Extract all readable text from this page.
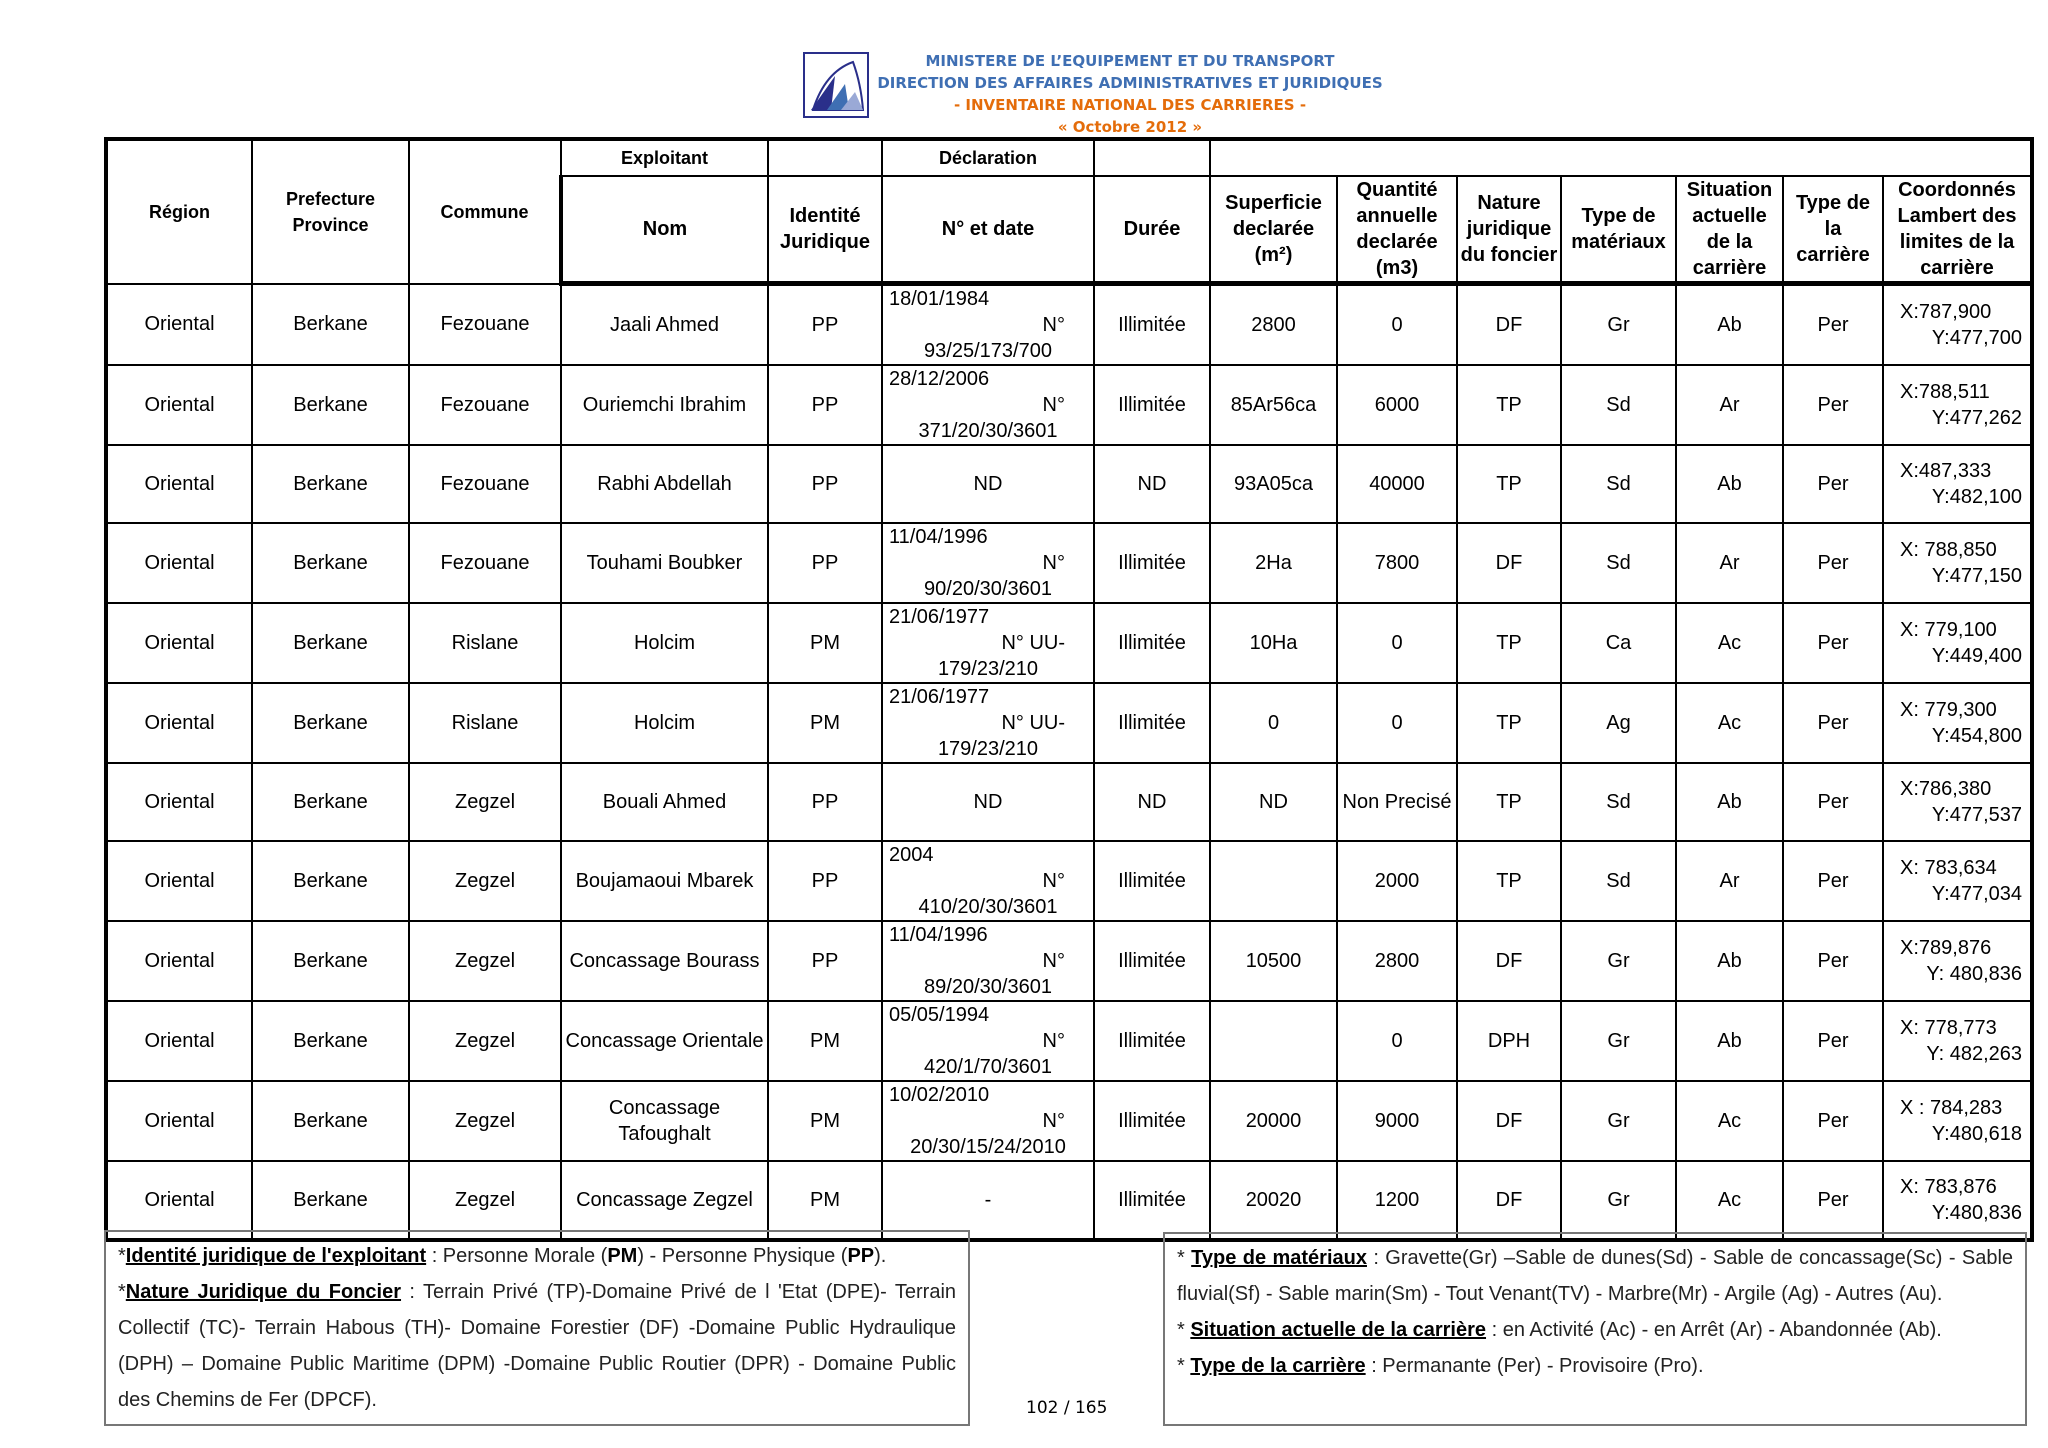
MINISTERE DE L’EQUIPEMENT ET DU TRANSPORT
DIRECTION DES AFFAIRES ADMINISTRATIVES ET JURIDIQUES
- INVENTAIRE NATIONAL DES CARRIERES -
« Octobre 2012 »
Région	Prefecture Province	Commune	Exploitant		Déclaration								
			Nom	Identité Juridique	N° et date	Durée	Superficie declarée (m²)	Quantité annuelle declarée (m3)	Nature juridique du foncier	Type de matériaux	Situation actuelle de la carrière	Type de la carrière	Coordonnés Lambert des limites de la carrière
Oriental	Berkane	Fezouane	Jaali Ahmed	PP	18/01/1984
N°
93/25/173/700	Illimitée	2800	0	DF	Gr	Ab	Per	X:787,900
Y:477,700

Oriental	Berkane	Fezouane	Ouriemchi Ibrahim	PP	28/12/2006
N°
371/20/30/3601	Illimitée	85Ar56ca	6000	TP	Sd	Ar	Per	X:788,511
Y:477,262

Oriental	Berkane	Fezouane	Rabhi Abdellah	PP	ND	ND	93A05ca	40000	TP	Sd	Ab	Per	X:487,333
Y:482,100

Oriental	Berkane	Fezouane	Touhami Boubker	PP	11/04/1996
N°
90/20/30/3601	Illimitée	2Ha	7800	DF	Sd	Ar	Per	X: 788,850
Y:477,150

Oriental	Berkane	Rislane	Holcim	PM	21/06/1977
N° UU-
179/23/210	Illimitée	10Ha	0	TP	Ca	Ac	Per	X: 779,100
Y:449,400

Oriental	Berkane	Rislane	Holcim	PM	21/06/1977
N° UU-
179/23/210	Illimitée	0	0	TP	Ag	Ac	Per	X: 779,300
Y:454,800

Oriental	Berkane	Zegzel	Bouali Ahmed	PP	ND	ND	ND	Non Precisé	TP	Sd	Ab	Per	X:786,380
Y:477,537

Oriental	Berkane	Zegzel	Boujamaoui Mbarek	PP	2004
N°
410/20/30/3601	Illimitée		2000	TP	Sd	Ar	Per	X: 783,634
Y:477,034

Oriental	Berkane	Zegzel	Concassage Bourass	PP	11/04/1996
N°
89/20/30/3601	Illimitée	10500	2800	DF	Gr	Ab	Per	X:789,876
Y: 480,836

Oriental	Berkane	Zegzel	Concassage Orientale	PM	05/05/1994
N°
420/1/70/3601	Illimitée		0	DPH	Gr	Ab	Per	X: 778,773
Y: 482,263

Oriental	Berkane	Zegzel	Concassage Tafoughalt	PM	10/02/2010
N°
20/30/15/24/2010	Illimitée	20000	9000	DF	Gr	Ac	Per	X : 784,283
Y:480,618

Oriental	Berkane	Zegzel	Concassage Zegzel	PM	-	Illimitée	20020	1200	DF	Gr	Ac	Per	X: 783,876
Y:480,836

*Identité juridique de l'exploitant : Personne Morale (PM) - Personne Physique (PP).

*Nature Juridique du Foncier : Terrain Privé (TP)-Domaine Privé de l 'Etat (DPE)- Terrain Collectif (TC)- Terrain Habous (TH)- Domaine Forestier (DF) -Domaine Public Hydraulique (DPH) – Domaine Public Maritime (DPM) -Domaine Public Routier (DPR) - Domaine Public des Chemins de Fer (DPCF).

* Type de matériaux : Gravette(Gr) –Sable de dunes(Sd) - Sable de concassage(Sc) - Sable fluvial(Sf) - Sable marin(Sm) - Tout Venant(TV) - Marbre(Mr) - Argile (Ag) - Autres (Au).

* Situation actuelle de la carrière : en Activité (Ac) - en Arrêt (Ar) - Abandonnée (Ab).

* Type de la carrière : Permanante (Per) - Provisoire (Pro).

102 / 165
